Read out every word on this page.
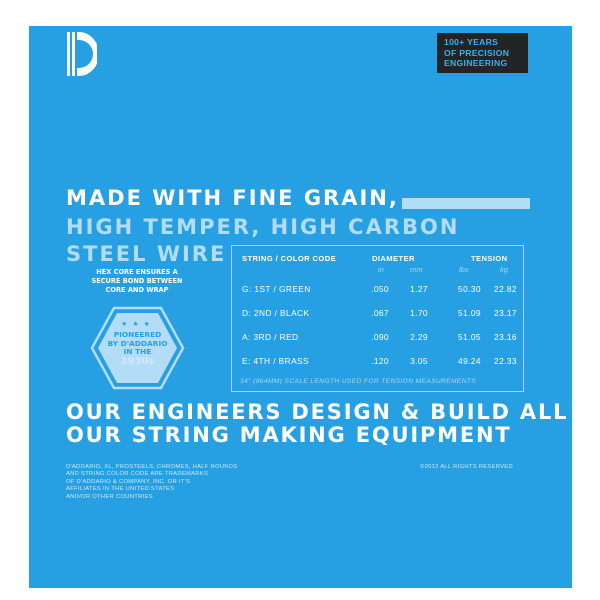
100+ YEARS
OF PRECISION
ENGINEERING
MADE WITH FINE GRAIN,
HIGH TEMPER, HIGH CARBON
STEEL WIRE
HEX CORE ENSURES A
SECURE BOND BETWEEN
CORE AND WRAP
★★★
PIONEERED
BY D'ADDARIO
IN THE
1930s
STRING / COLOR CODE	DIAMETER	TENSION
in	mm	lbs	kg
G: 1ST / GREEN	.050	1.27	50.30	22.82
D: 2ND / BLACK	.067	1.70	51.09	23.17
A: 3RD / RED	.090	2.29	51.05	23.16
E: 4TH / BRASS	.120	3.05	49.24	22.33
34" (864MM) SCALE LENGTH USED FOR TENSION MEASUREMENTS
OUR ENGINEERS DESIGN & BUILD ALL
OUR STRING MAKING EQUIPMENT
D'ADDARIO, XL, PROSTEELS, CHROMES, HALF ROUNDS
AND STRING COLOR CODE ARE TRADEMARKS
OF D'ADDARIO & COMPANY, INC. OR IT'S
AFFILIATES IN THE UNITED STATES
AND/OR OTHER COUNTRIES.
©2012 ALL RIGHTS RESERVED
